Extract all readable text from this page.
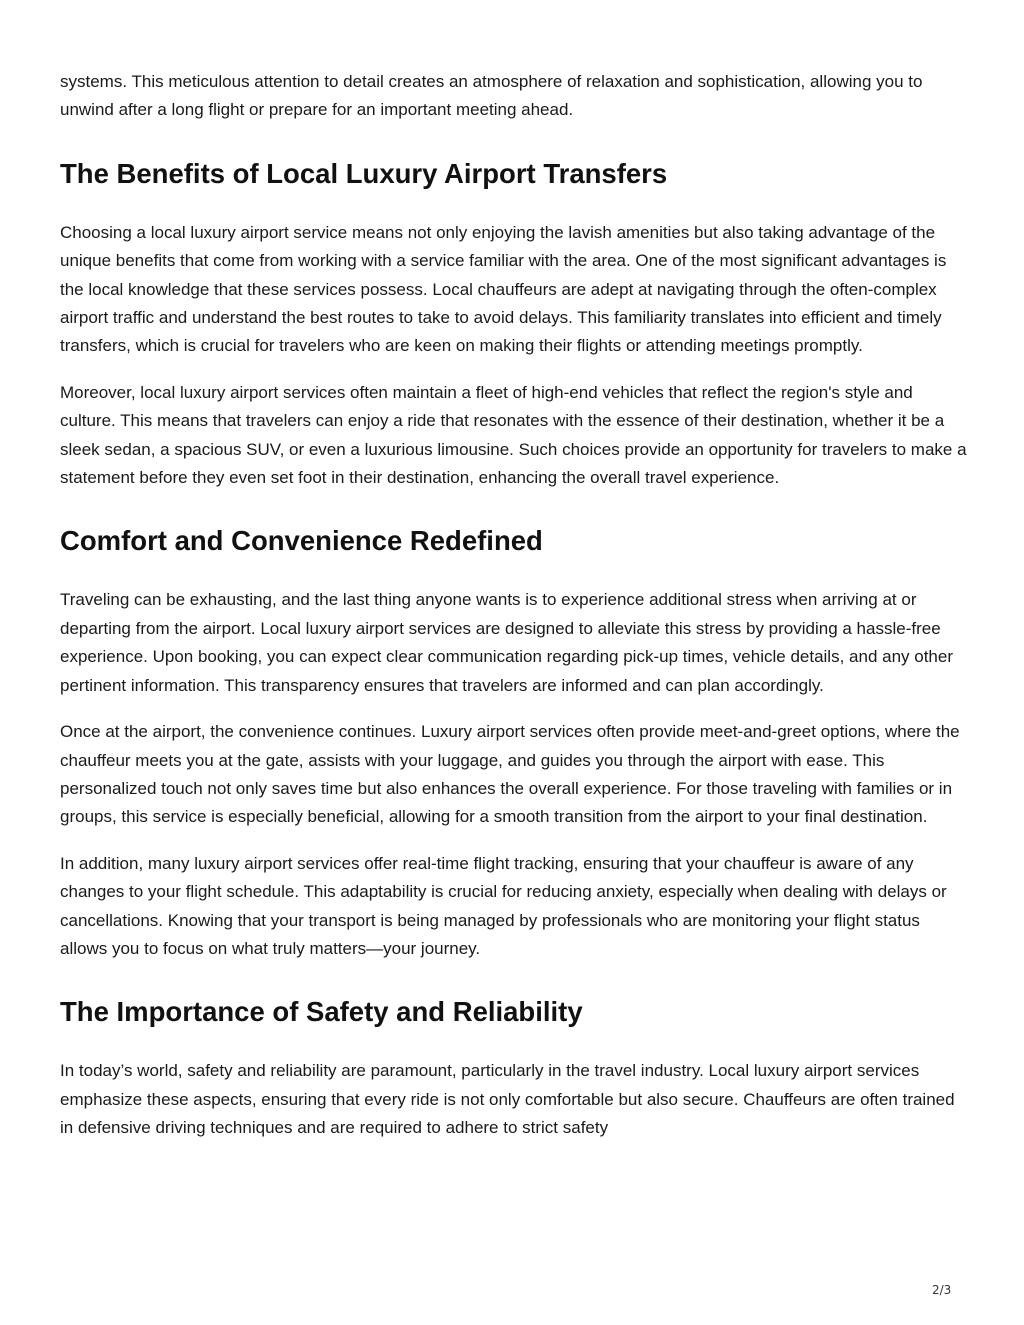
systems. This meticulous attention to detail creates an atmosphere of relaxation and sophistication, allowing you to unwind after a long flight or prepare for an important meeting ahead.

The Benefits of Local Luxury Airport Transfers

Choosing a local luxury airport service means not only enjoying the lavish amenities but also taking advantage of the unique benefits that come from working with a service familiar with the area. One of the most significant advantages is the local knowledge that these services possess. Local chauffeurs are adept at navigating through the often-complex airport traffic and understand the best routes to take to avoid delays. This familiarity translates into efficient and timely transfers, which is crucial for travelers who are keen on making their flights or attending meetings promptly.

Moreover, local luxury airport services often maintain a fleet of high-end vehicles that reflect the region's style and culture. This means that travelers can enjoy a ride that resonates with the essence of their destination, whether it be a sleek sedan, a spacious SUV, or even a luxurious limousine. Such choices provide an opportunity for travelers to make a statement before they even set foot in their destination, enhancing the overall travel experience.

Comfort and Convenience Redefined

Traveling can be exhausting, and the last thing anyone wants is to experience additional stress when arriving at or departing from the airport. Local luxury airport services are designed to alleviate this stress by providing a hassle-free experience. Upon booking, you can expect clear communication regarding pick-up times, vehicle details, and any other pertinent information. This transparency ensures that travelers are informed and can plan accordingly.

Once at the airport, the convenience continues. Luxury airport services often provide meet-and-greet options, where the chauffeur meets you at the gate, assists with your luggage, and guides you through the airport with ease. This personalized touch not only saves time but also enhances the overall experience. For those traveling with families or in groups, this service is especially beneficial, allowing for a smooth transition from the airport to your final destination.

In addition, many luxury airport services offer real-time flight tracking, ensuring that your chauffeur is aware of any changes to your flight schedule. This adaptability is crucial for reducing anxiety, especially when dealing with delays or cancellations. Knowing that your transport is being managed by professionals who are monitoring your flight status allows you to focus on what truly matters—your journey.

The Importance of Safety and Reliability

In today’s world, safety and reliability are paramount, particularly in the travel industry. Local luxury airport services emphasize these aspects, ensuring that every ride is not only comfortable but also secure. Chauffeurs are often trained in defensive driving techniques and are required to adhere to strict safety

2/3
